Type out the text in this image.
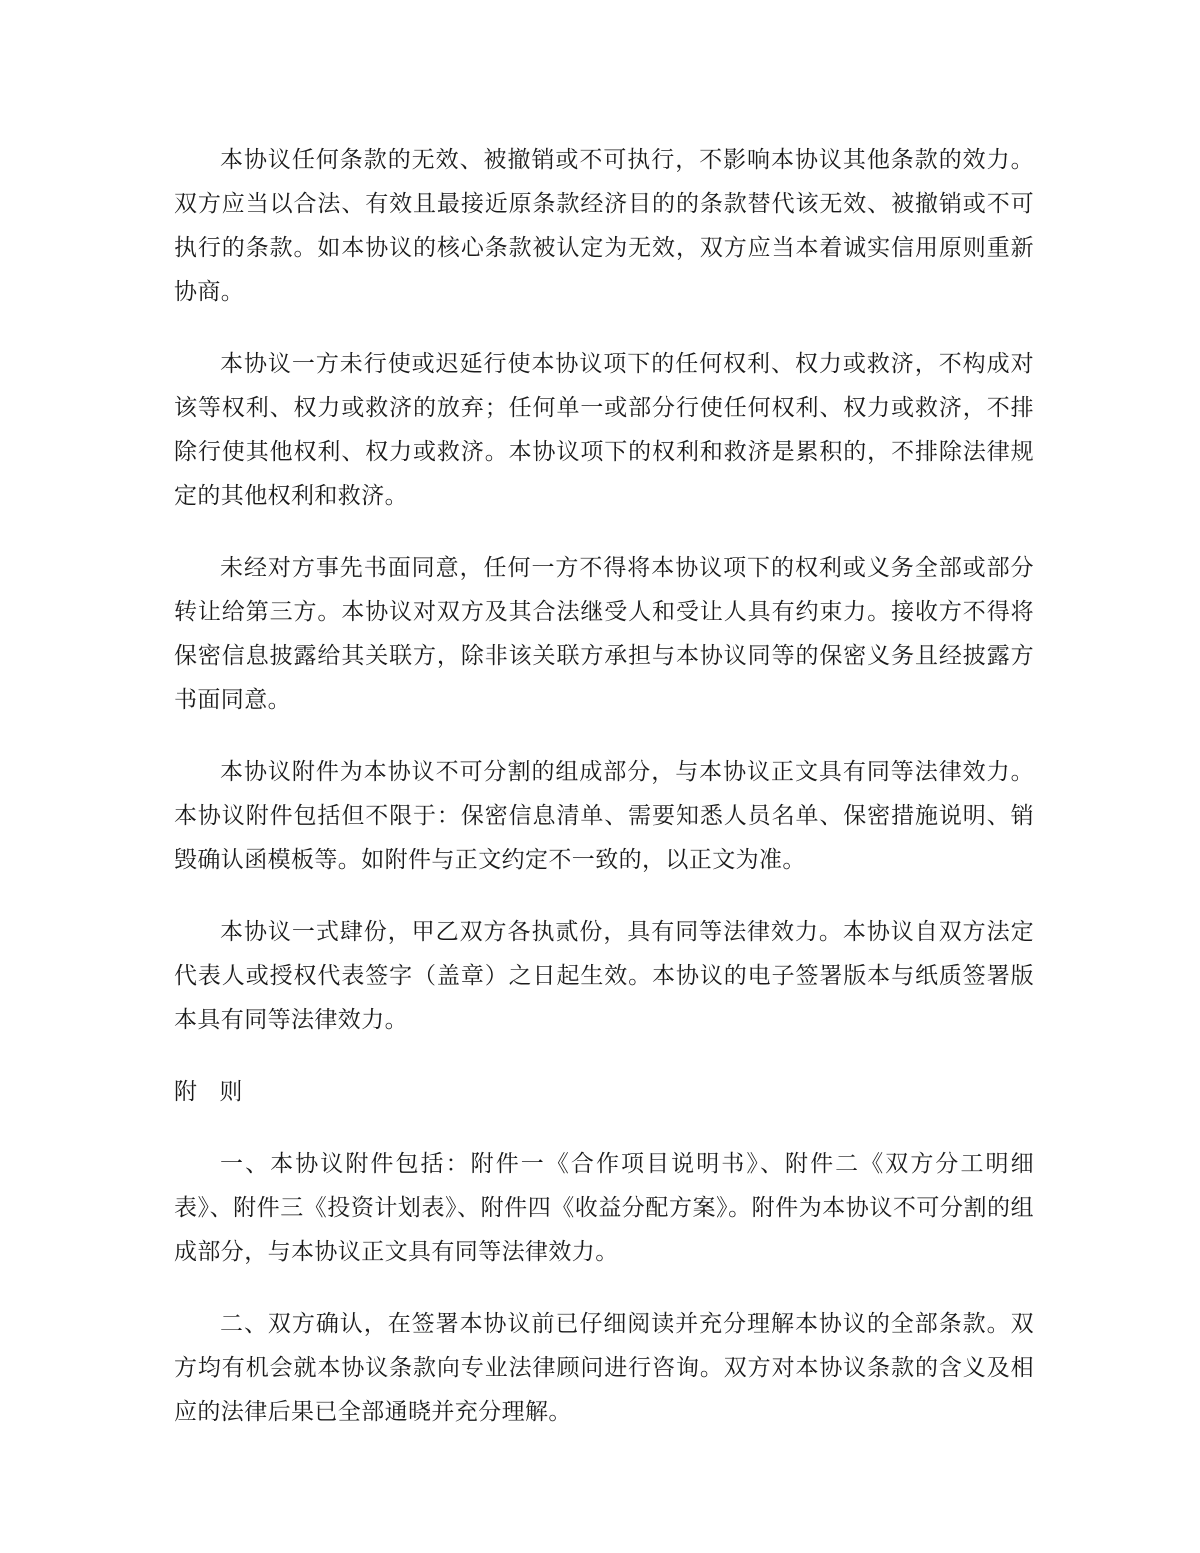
本协议任何条款的无效、被撤销或不可执行，不影响本协议其他条款的效力。双方应当以合法、有效且最接近原条款经济目的的条款替代该无效、被撤销或不可执行的条款。如本协议的核心条款被认定为无效，双方应当本着诚实信用原则重新协商。

本协议一方未行使或迟延行使本协议项下的任何权利、权力或救济，不构成对该等权利、权力或救济的放弃；任何单一或部分行使任何权利、权力或救济，不排除行使其他权利、权力或救济。本协议项下的权利和救济是累积的，不排除法律规定的其他权利和救济。

未经对方事先书面同意，任何一方不得将本协议项下的权利或义务全部或部分转让给第三方。本协议对双方及其合法继受人和受让人具有约束力。接收方不得将保密信息披露给其关联方，除非该关联方承担与本协议同等的保密义务且经披露方书面同意。

本协议附件为本协议不可分割的组成部分，与本协议正文具有同等法律效力。本协议附件包括但不限于：保密信息清单、需要知悉人员名单、保密措施说明、销毁确认函模板等。如附件与正文约定不一致的，以正文为准。

本协议一式肆份，甲乙双方各执贰份，具有同等法律效力。本协议自双方法定代表人或授权代表签字（盖章）之日起生效。本协议的电子签署版本与纸质签署版本具有同等法律效力。

附 则

一、本协议附件包括：附件一《合作项目说明书》、附件二《双方分工明细表》、附件三《投资计划表》、附件四《收益分配方案》。附件为本协议不可分割的组成部分，与本协议正文具有同等法律效力。

二、双方确认，在签署本协议前已仔细阅读并充分理解本协议的全部条款。双方均有机会就本协议条款向专业法律顾问进行咨询。双方对本协议条款的含义及相应的法律后果已全部通晓并充分理解。
